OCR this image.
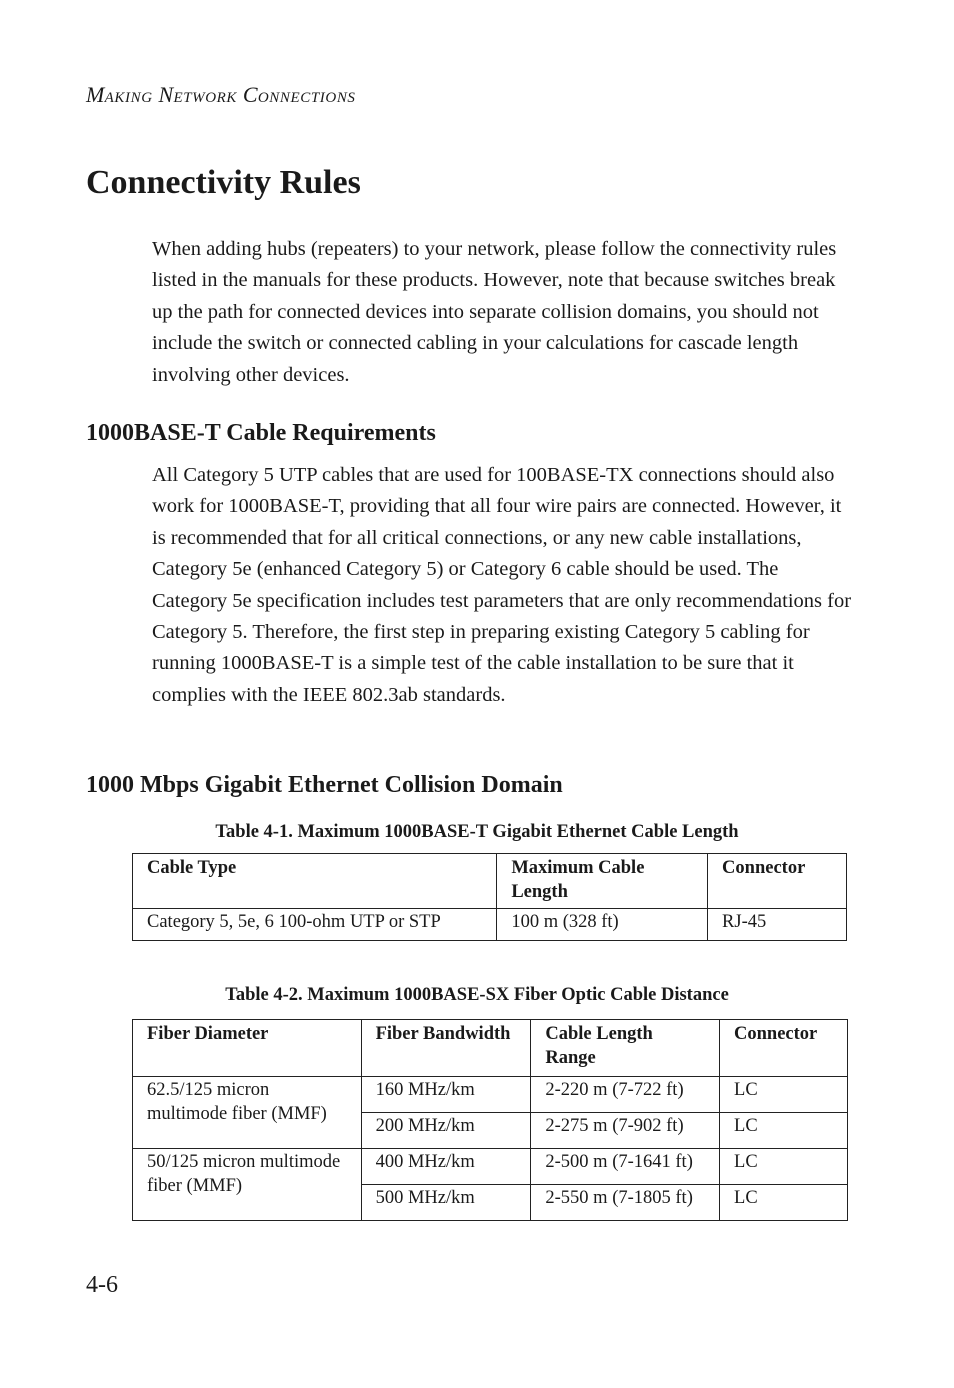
MAKING NETWORK CONNECTIONS
Connectivity Rules

When adding hubs (repeaters) to your network, please follow the connectivity rules listed in the manuals for these products. However, note that because switches break up the path for connected devices into separate collision domains, you should not include the switch or connected cabling in your calculations for cascade length involving other devices.

1000BASE-T Cable Requirements

All Category 5 UTP cables that are used for 100BASE-TX connections should also work for 1000BASE-T, providing that all four wire pairs are connected. However, it is recommended that for all critical connections, or any new cable installations, Category 5e (enhanced Category 5) or Category 6 cable should be used. The Category 5e specification includes test parameters that are only recommendations for Category 5. Therefore, the first step in preparing existing Category 5 cabling for running 1000BASE-T is a simple test of the cable installation to be sure that it complies with the IEEE 802.3ab standards.

1000 Mbps Gigabit Ethernet Collision Domain

Table 4-1. Maximum 1000BASE-T Gigabit Ethernet Cable Length

Cable Type	Maximum Cable Length	Connector
Category 5, 5e, 6 100-ohm UTP or STP	100 m (328 ft)	RJ-45

Table 4-2. Maximum 1000BASE-SX Fiber Optic Cable Distance

Fiber Diameter	Fiber Bandwidth	Cable Length Range	Connector
62.5/125 micron multimode fiber (MMF)	160 MHz/km	2-220 m (7-722 ft)	LC
	200 MHz/km	2-275 m (7-902 ft)	LC
50/125 micron multimode fiber (MMF)	400 MHz/km	2-500 m (7-1641 ft)	LC
	500 MHz/km	2-550 m (7-1805 ft)	LC
4-6
